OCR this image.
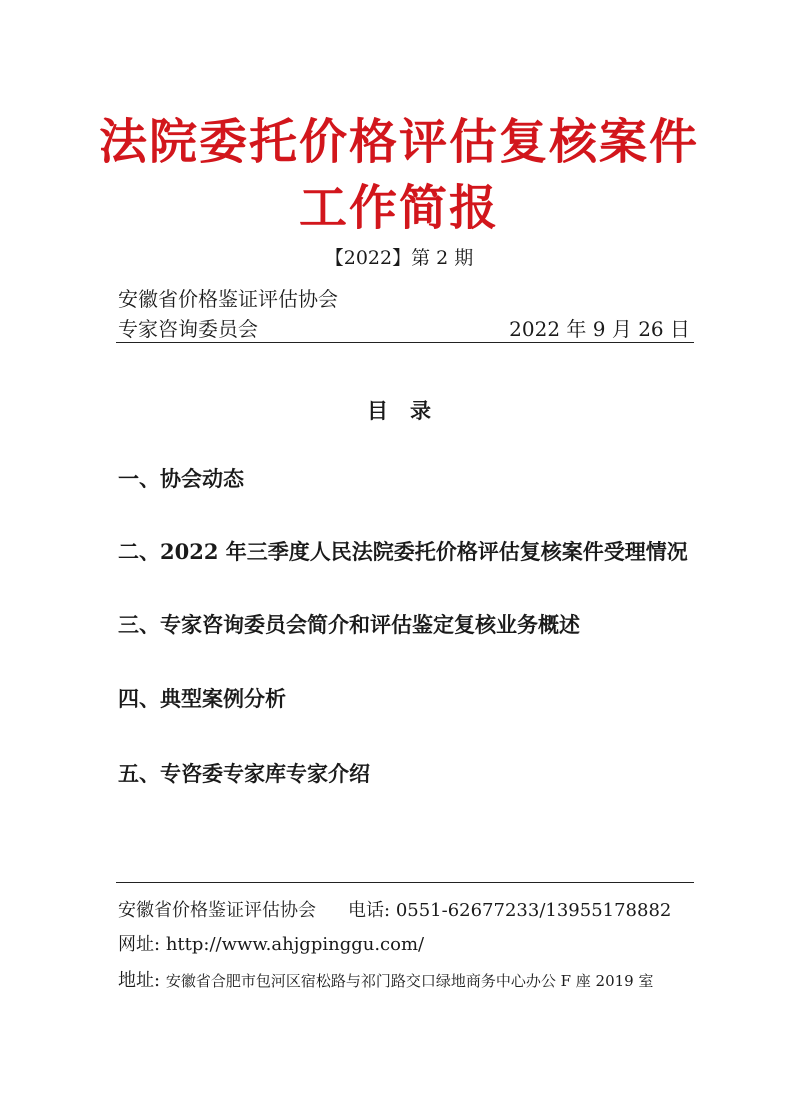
法院委托价格评估复核案件
工作简报
【2022】第 2 期
安徽省价格鉴证评估协会
专家咨询委员会	2022 年 9 月 26 日
目录
一、协会动态
二、2022 年三季度人民法院委托价格评估复核案件受理情况
三、专家咨询委员会简介和评估鉴定复核业务概述
四、典型案例分析
五、专咨委专家库专家介绍
安徽省价格鉴证评估协会 电话: 0551-62677233/13955178882
网址: http://www.ahjgpinggu.com/
地址: 安徽省合肥市包河区宿松路与祁门路交口绿地商务中心办公 F 座 2019 室
